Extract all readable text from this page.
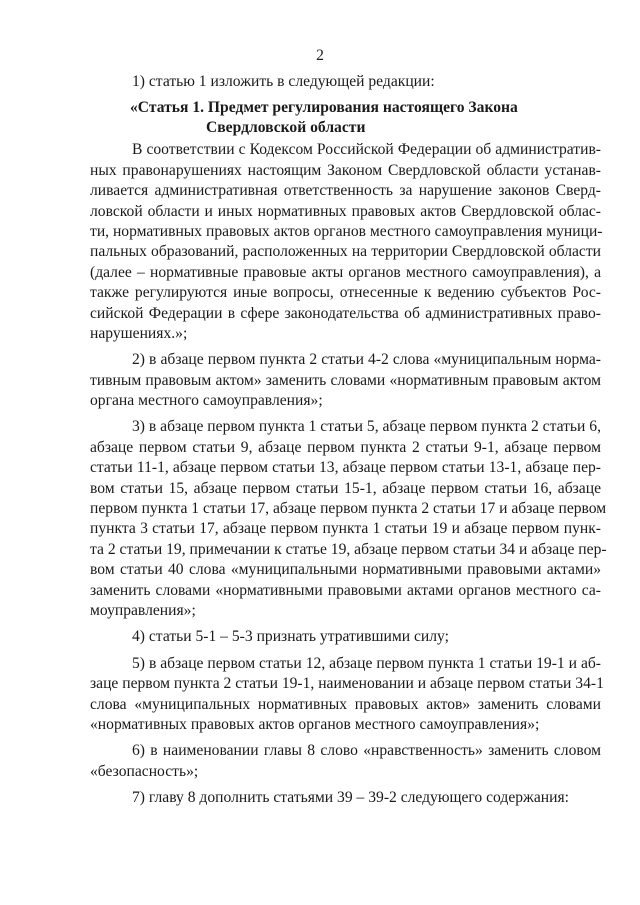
2
1) статью 1 изложить в следующей редакции:
«Статья 1. Предмет регулирования настоящего Закона
Свердловской области
В соответствии с Кодексом Российской Федерации об административ-
ных правонарушениях настоящим Законом Свердловской области устанав-
ливается административная ответственность за нарушение законов Сверд-
ловской области и иных нормативных правовых актов Свердловской облас-
ти, нормативных правовых актов органов местного самоуправления муници-
пальных образований, расположенных на территории Свердловской области
(далее – нормативные правовые акты органов местного самоуправления), а
также регулируются иные вопросы, отнесенные к ведению субъектов Рос-
сийской Федерации в сфере законодательства об административных право-
нарушениях.»;
2) в абзаце первом пункта 2 статьи 4-2 слова «муниципальным норма-
тивным правовым актом» заменить словами «нормативным правовым актом
органа местного самоуправления»;
3) в абзаце первом пункта 1 статьи 5, абзаце первом пункта 2 статьи 6,
абзаце первом статьи 9, абзаце первом пункта 2 статьи 9-1, абзаце первом
статьи 11-1, абзаце первом статьи 13, абзаце первом статьи 13-1, абзаце пер-
вом статьи 15, абзаце первом статьи 15-1, абзаце первом статьи 16, абзаце
первом пункта 1 статьи 17, абзаце первом пункта 2 статьи 17 и абзаце первом
пункта 3 статьи 17, абзаце первом пункта 1 статьи 19 и абзаце первом пунк-
та 2 статьи 19, примечании к статье 19, абзаце первом статьи 34 и абзаце пер-
вом статьи 40 слова «муниципальными нормативными правовыми актами»
заменить словами «нормативными правовыми актами органов местного са-
моуправления»;
4) статьи 5-1 – 5-3 признать утратившими силу;
5) в абзаце первом статьи 12, абзаце первом пункта 1 статьи 19-1 и аб-
заце первом пункта 2 статьи 19-1, наименовании и абзаце первом статьи 34-1
слова «муниципальных нормативных правовых актов» заменить словами
«нормативных правовых актов органов местного самоуправления»;
6) в наименовании главы 8 слово «нравственность» заменить словом
«безопасность»;
7) главу 8 дополнить статьями 39 – 39-2 следующего содержания:
